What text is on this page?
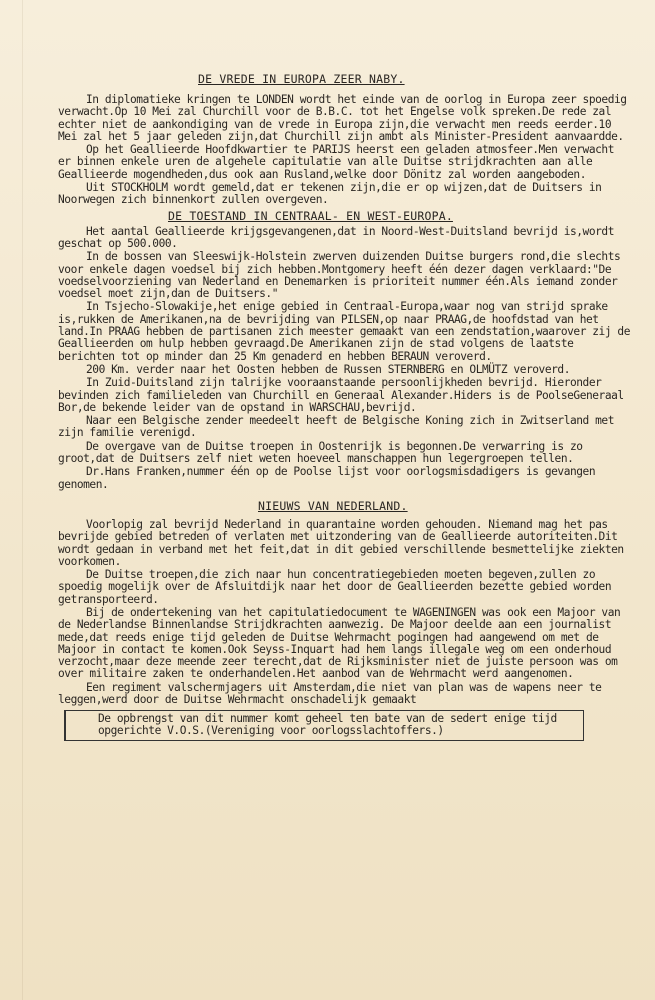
DE VREDE IN EUROPA ZEER NABY.

In diplomatieke kringen te LONDEN wordt het einde van de oorlog in Europa zeer spoedig verwacht.Op 10 Mei zal Churchill voor de B.B.C. tot het Engelse volk spreken.De rede zal echter niet de aankondiging van de vrede in Europa zijn,die verwacht men reeds eerder.10 Mei zal het 5 jaar geleden zijn,dat Churchill zijn ambt als Minister-President aanvaardde.

Op het Geallieerde Hoofdkwartier te PARIJS heerst een geladen atmosfeer.Men verwacht er binnen enkele uren de algehele capitulatie van alle Duitse strijdkrachten aan alle Geallieerde mogendheden,dus ook aan Rusland,welke door Dönitz zal worden aangeboden.

Uit STOCKHOLM wordt gemeld,dat er tekenen zijn,die er op wijzen,dat de Duitsers in Noorwegen zich binnenkort zullen overgeven.

DE TOESTAND IN CENTRAAL- EN WEST-EUROPA.

Het aantal Geallieerde krijgsgevangenen,dat in Noord-West-Duitsland bevrijd is,wordt geschat op 500.000.

In de bossen van Sleeswijk-Holstein zwerven duizenden Duitse burgers rond,die slechts voor enkele dagen voedsel bij zich hebben.Montgomery heeft één dezer dagen verklaard:"De voedselvoorziening van Nederland en Denemarken is prioriteit nummer één.Als iemand zonder voedsel moet zijn,dan de Duitsers."

In Tsjecho-Slowakije,het enige gebied in Centraal-Europa,waar nog van strijd sprake is,rukken de Amerikanen,na de bevrijding van PILSEN,op naar PRAAG,de hoofdstad van het land.In PRAAG hebben de partisanen zich meester gemaakt van een zendstation,waarover zij de Geallieerden om hulp hebben gevraagd.De Amerikanen zijn de stad volgens de laatste berichten tot op minder dan 25 Km genaderd en hebben BERAUN veroverd.

200 Km. verder naar het Oosten hebben de Russen STERNBERG en OLMÜTZ veroverd.

In Zuid-Duitsland zijn talrijke vooraanstaande persoonlijkheden bevrijd. Hieronder bevinden zich familieleden van Churchill en Generaal Alexander.Hiders is de PoolseGeneraal Bor,de bekende leider van de opstand in WARSCHAU,bevrijd.

Naar een Belgische zender meedeelt heeft de Belgische Koning zich in Zwitserland met zijn familie verenigd.

De overgave van de Duitse troepen in Oostenrijk is begonnen.De verwarring is zo groot,dat de Duitsers zelf niet weten hoeveel manschappen hun legergroepen tellen.

Dr.Hans Franken,nummer één op de Poolse lijst voor oorlogsmisdadigers is gevangen genomen.

NIEUWS VAN NEDERLAND.

Voorlopig zal bevrijd Nederland in quarantaine worden gehouden. Niemand mag het pas bevrijde gebied betreden of verlaten met uitzondering van de Geallieerde autoriteiten.Dit wordt gedaan in verband met het feit,dat in dit gebied verschillende besmettelijke ziekten voorkomen.

De Duitse troepen,die zich naar hun concentratiegebieden moeten begeven,zullen zo spoedig mogelijk over de Afsluitdijk naar het door de Geallieerden bezette gebied worden getransporteerd.

Bij de ondertekening van het capitulatiedocument te WAGENINGEN was ook een Majoor van de Nederlandse Binnenlandse Strijdkrachten aanwezig. De Majoor deelde aan een journalist mede,dat reeds enige tijd geleden de Duitse Wehrmacht pogingen had aangewend om met de Majoor in contact te komen.Ook Seyss-Inquart had hem langs illegale weg om een onderhoud verzocht,maar deze meende zeer terecht,dat de Rijksminister niet de juiste persoon was om over militaire zaken te onderhandelen.Het aanbod van de Wehrmacht werd aangenomen.

Een regiment valschermjagers uit Amsterdam,die niet van plan was de wapens neer te leggen,werd door de Duitse Wehrmacht onschadelijk gemaakt

De opbrengst van dit nummer komt geheel ten bate van de sedert enige tijd opgerichte V.O.S.(Vereniging voor oorlogsslachtoffers.)
